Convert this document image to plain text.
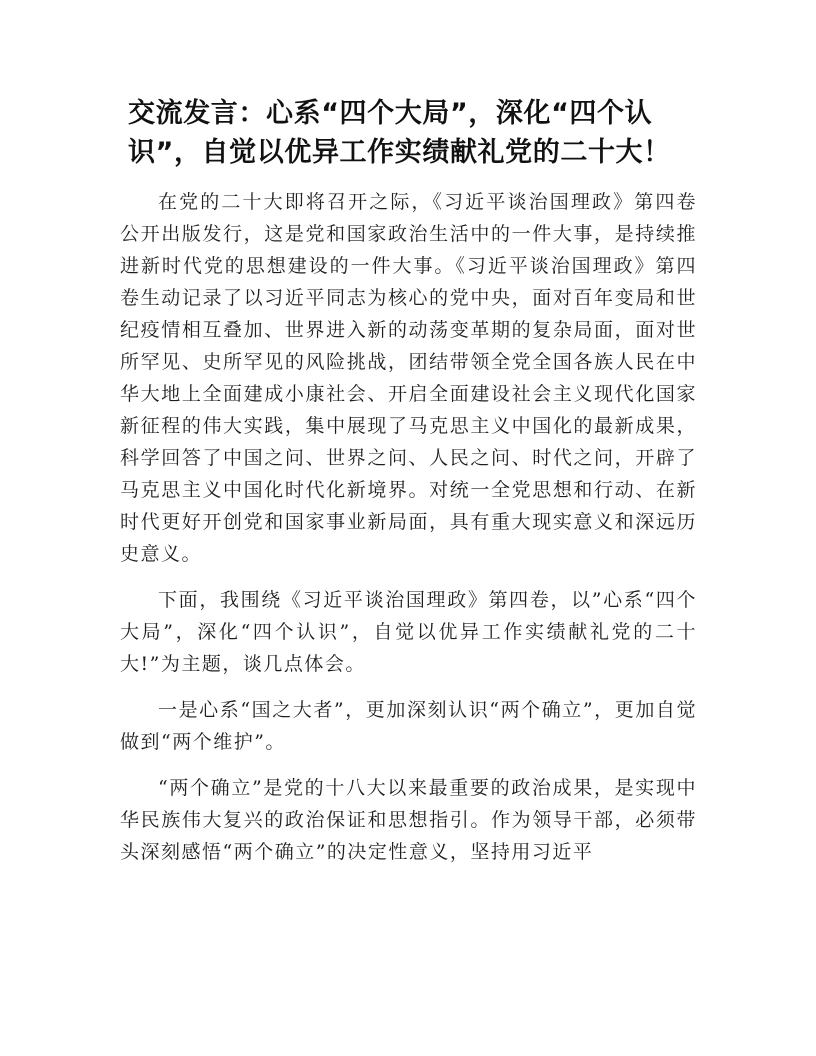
交流发言：心系“四个大局”，深化“四个认识”，自觉以优异工作实绩献礼党的二十大！

在党的二十大即将召开之际，《习近平谈治国理政》第四卷公开出版发行，这是党和国家政治生活中的一件大事，是持续推进新时代党的思想建设的一件大事。《习近平谈治国理政》第四卷生动记录了以习近平同志为核心的党中央，面对百年变局和世纪疫情相互叠加、世界进入新的动荡变革期的复杂局面，面对世所罕见、史所罕见的风险挑战，团结带领全党全国各族人民在中华大地上全面建成小康社会、开启全面建设社会主义现代化国家新征程的伟大实践，集中展现了马克思主义中国化的最新成果，科学回答了中国之问、世界之问、人民之问、时代之问，开辟了马克思主义中国化时代化新境界。对统一全党思想和行动、在新时代更好开创党和国家事业新局面，具有重大现实意义和深远历史意义。

下面，我围绕《习近平谈治国理政》第四卷，以”心系“四个大局”，深化“四个认识”，自觉以优异工作实绩献礼党的二十大!”为主题，谈几点体会。

一是心系“国之大者”，更加深刻认识“两个确立”，更加自觉做到“两个维护”。

“两个确立”是党的十八大以来最重要的政治成果，是实现中华民族伟大复兴的政治保证和思想指引。作为领导干部，必须带头深刻感悟“两个确立”的决定性意义，坚持用习近平
